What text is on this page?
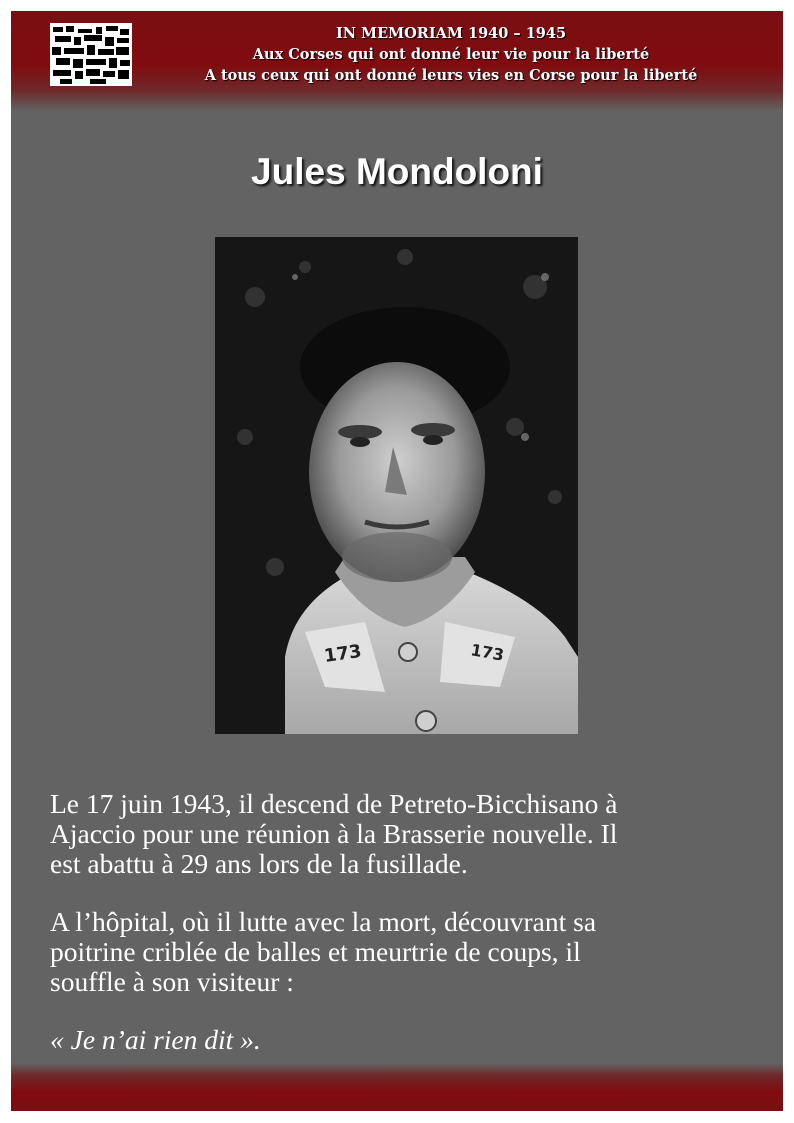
IN MEMORIAM 1940 – 1945
Aux Corses qui ont donné leur vie pour la liberté
A tous ceux qui ont donné leurs vies en Corse pour la liberté
Jules Mondoloni
173	173

Le 17 juin 1943, il descend de Petreto-Bicchisano à
Ajaccio pour une réunion à la Brasserie nouvelle. Il
est abattu à 29 ans lors de la fusillade.

A l’hôpital, où il lutte avec la mort, découvrant sa
poitrine criblée de balles et meurtrie de coups, il
souffle à son visiteur :

« Je n’ai rien dit ».
